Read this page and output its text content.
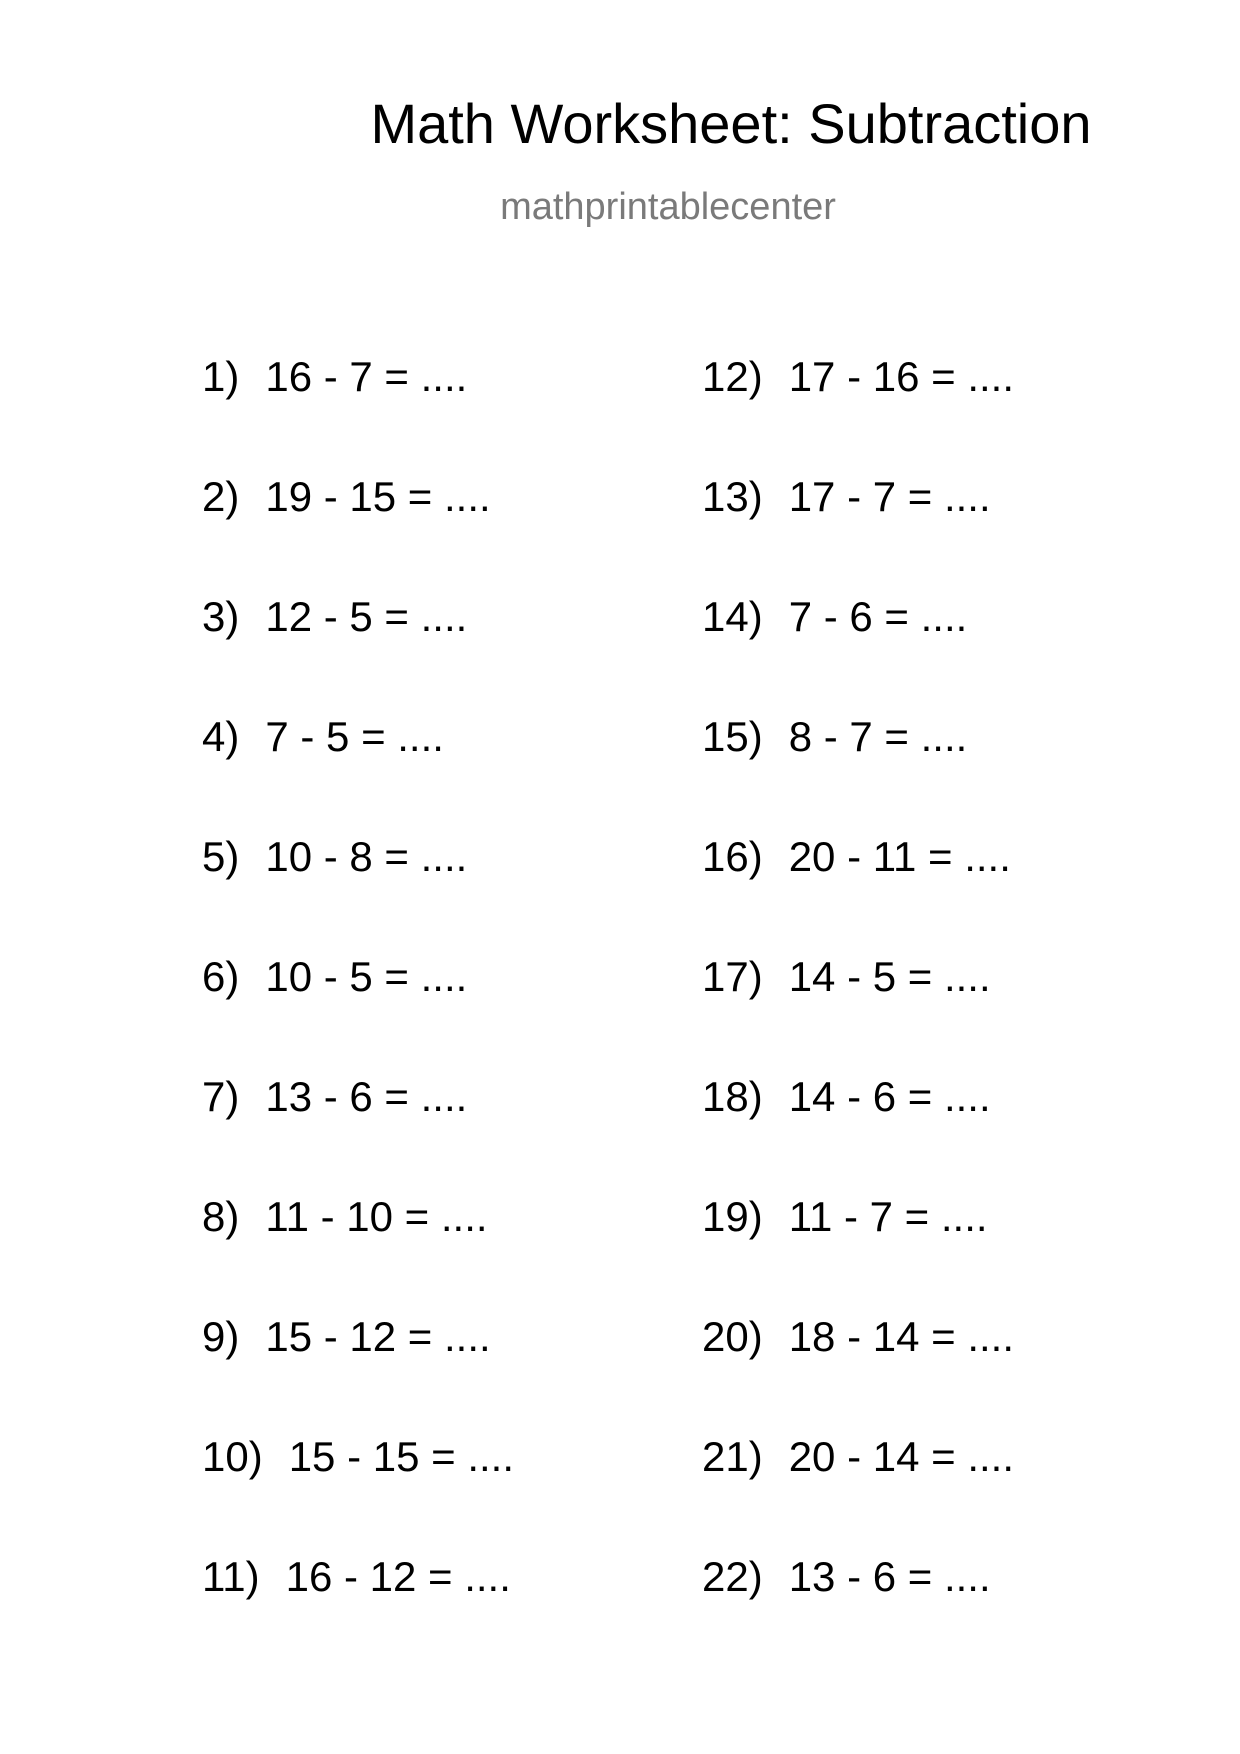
Math Worksheet: Subtraction
mathprintablecenter
1) 16 - 7 = ....
2) 19 - 15 = ....
3) 12 - 5 = ....
4) 7 - 5 = ....
5) 10 - 8 = ....
6) 10 - 5 = ....
7) 13 - 6 = ....
8) 11 - 10 = ....
9) 15 - 12 = ....
10) 15 - 15 = ....
11) 16 - 12 = ....
12) 17 - 16 = ....
13) 17 - 7 = ....
14) 7 - 6 = ....
15) 8 - 7 = ....
16) 20 - 11 = ....
17) 14 - 5 = ....
18) 14 - 6 = ....
19) 11 - 7 = ....
20) 18 - 14 = ....
21) 20 - 14 = ....
22) 13 - 6 = ....
